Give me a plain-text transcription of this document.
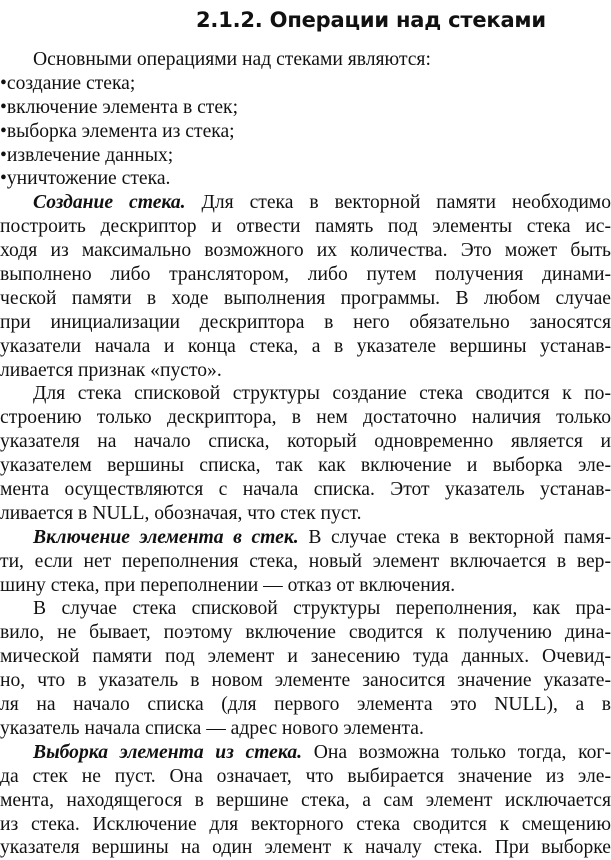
2.1.2. Операции над стеками
Основными операциями над стеками являются:
•создание стека;
•включение элемента в стек;
•выборка элемента из стека;
•извлечение данных;
•уничтожение стека.
Создание стека. Для стека в векторной памяти необходимо
построить дескриптор и отвести память под элементы стека ис-
ходя из максимально возможного их количества. Это может быть
выполнено либо транслятором, либо путем получения динами-
ческой памяти в ходе выполнения программы. В любом случае
при инициализации дескриптора в него обязательно заносятся
указатели начала и конца стека, а в указателе вершины устанав-
ливается признак «пусто».
Для стека списковой структуры создание стека сводится к по-
строению только дескриптора, в нем достаточно наличия только
указателя на начало списка, который одновременно является и
указателем вершины списка, так как включение и выборка эле-
мента осуществляются с начала списка. Этот указатель устанав-
ливается в NULL, обозначая, что стек пуст.
Включение элемента в стек. В случае стека в векторной памя-
ти, если нет переполнения стека, новый элемент включается в вер-
шину стека, при переполнении — отказ от включения.
В случае стека списковой структуры переполнения, как пра-
вило, не бывает, поэтому включение сводится к получению дина-
мической памяти под элемент и занесению туда данных. Очевид-
но, что в указатель в новом элементе заносится значение указате-
ля на начало списка (для первого элемента это NULL), а в
указатель начала списка — адрес нового элемента.
Выборка элемента из стека. Она возможна только тогда, ког-
да стек не пуст. Она означает, что выбирается значение из эле-
мента, находящегося в вершине стека, а сам элемент исключается
из стека. Исключение для векторного стека сводится к смещению
указателя вершины на один элемент к началу стека. При выборке
